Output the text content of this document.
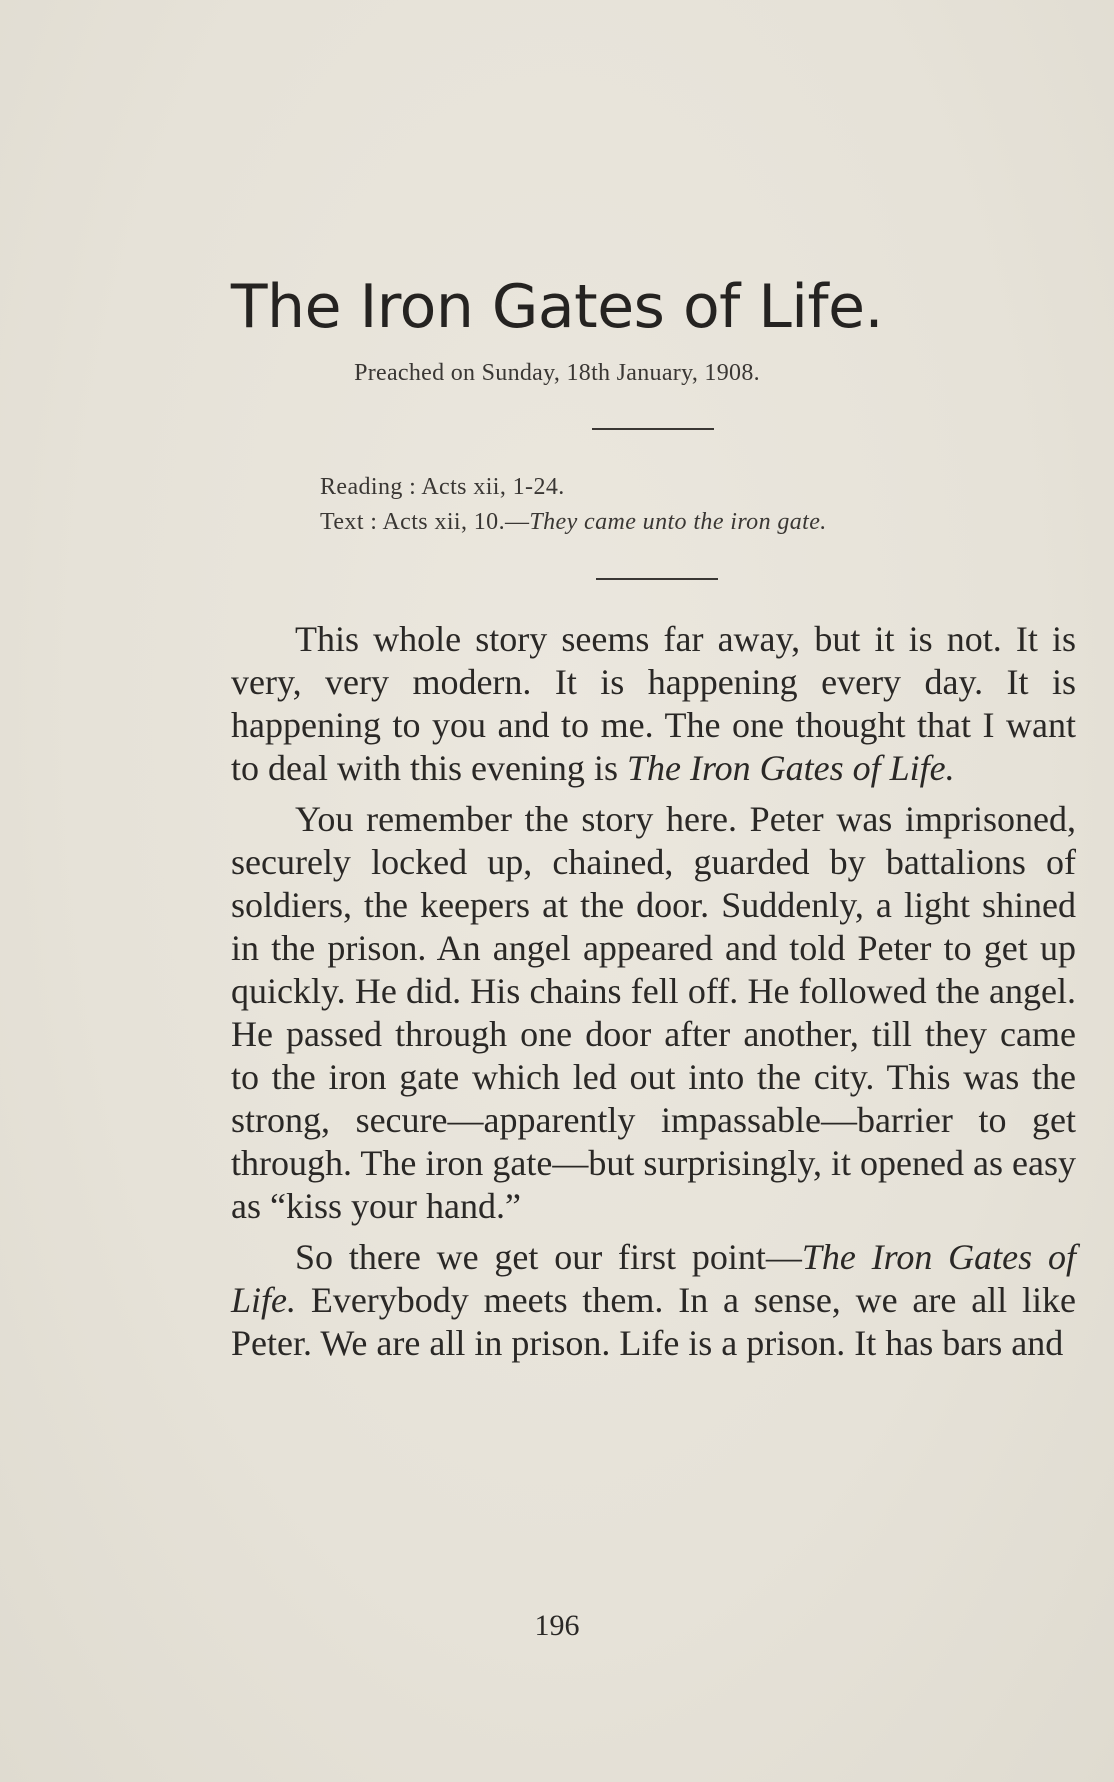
The Iron Gates of Life.
Preached on Sunday, 18th January, 1908.
Reading : Acts xii, 1-24.
Text : Acts xii, 10.—They came unto the iron gate.

This whole story seems far away, but it is not. It is very, very modern. It is happening every day. It is happening to you and to me. The one thought that I want to deal with this evening is The Iron Gates of Life.

You remember the story here. Peter was imprisoned, securely locked up, chained, guarded by battalions of soldiers, the keepers at the door. Suddenly, a light shined in the prison. An angel appeared and told Peter to get up quickly. He did. His chains fell off. He followed the angel. He passed through one door after another, till they came to the iron gate which led out into the city. This was the strong, secure—apparently impassable—barrier to get through. The iron gate—but surprisingly, it opened as easy as “kiss your hand.”

So there we get our first point—The Iron Gates of Life. Everybody meets them. In a sense, we are all like Peter. We are all in prison. Life is a prison. It has bars and

196
